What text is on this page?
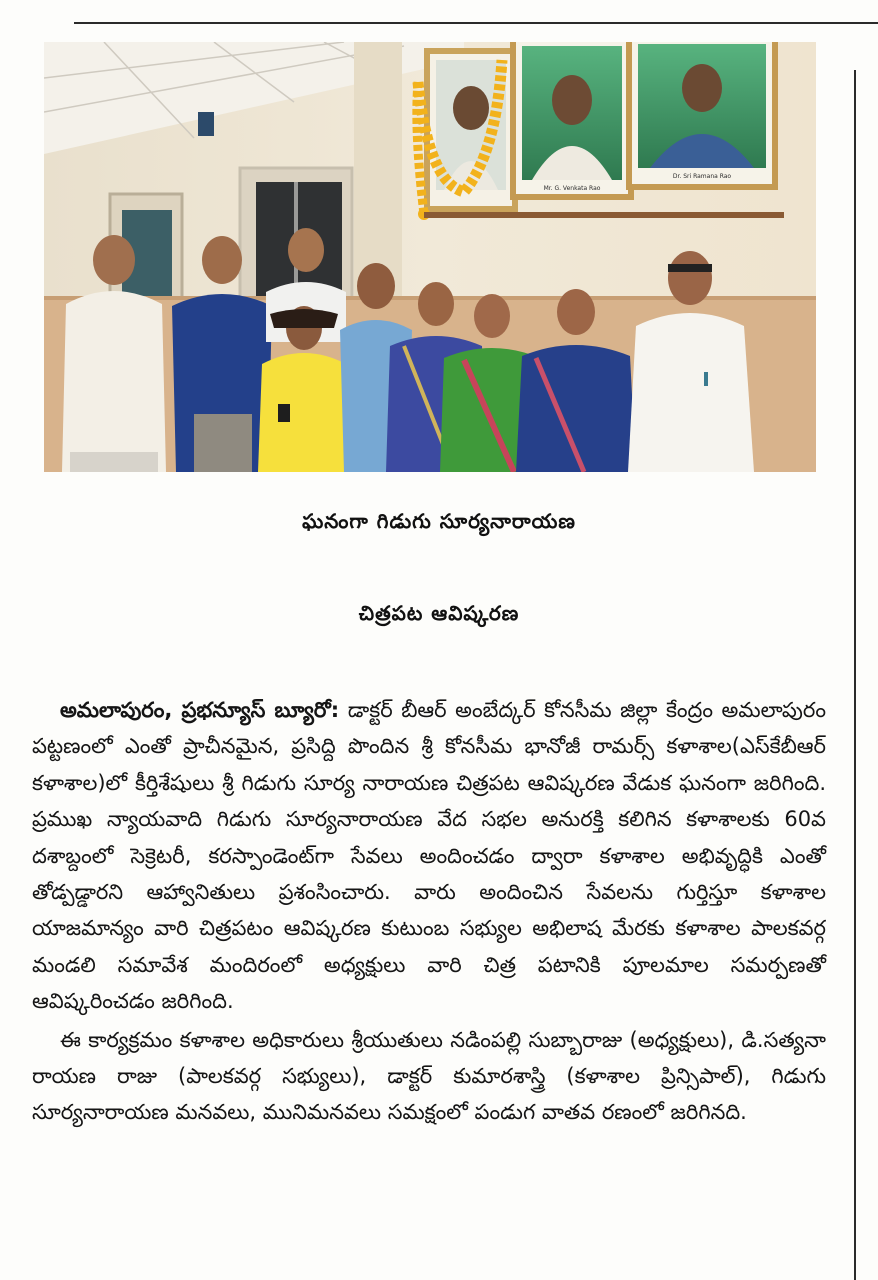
Mr. G. Venkata Rao
Dr. Sri Ramana Rao
ఘనంగా గిడుగు సూర్యనారాయణ
చిత్రపట ఆవిష్కరణ

అమలాపురం, ప్రభన్యూస్ బ్యూరో: డాక్టర్ బీఆర్ అంబేద్కర్ కోనసీమ జిల్లా కేంద్రం అమలాపురం పట్టణంలో ఎంతో ప్రాచీనమైన, ప్రసిద్ది పొందిన శ్రీ కోనసీమ భానోజీ రామర్స్ కళాశాల(ఎస్‌కేబీఆర్ కళాశాల)లో కీర్తిశేషులు శ్రీ గిడుగు సూర్య నారాయణ చిత్రపట ఆవిష్కరణ వేడుక ఘనంగా జరిగింది. ప్రముఖ న్యాయవాది గిడుగు సూర్యనారాయణ వేద సభల అనురక్తి కలిగిన కళాశాలకు 60వ దశాబ్దంలో సెక్రెటరీ, కరస్పాండెంట్‌గా సేవలు అందించడం ద్వారా కళాశాల అభివృద్ధికి ఎంతో తోడ్పడ్డారని ఆహ్వానితులు ప్రశంసించారు. వారు అందించిన సేవలను గుర్తిస్తూ కళాశాల యాజమాన్యం వారి చిత్రపటం ఆవిష్కరణ కుటుంబ సభ్యుల అభిలాష మేరకు కళాశాల పాలకవర్గ మండలి సమావేశ మందిరంలో అధ్యక్షులు వారి చిత్ర పటానికి పూలమాల సమర్పణతో ఆవిష్కరించడం జరిగింది.

ఈ కార్యక్రమం కళాశాల అధికారులు శ్రీయుతులు నడింపల్లి సుబ్బారాజు (అధ్యక్షులు), డి.సత్యనా రాయణ రాజు (పాలకవర్గ సభ్యులు), డాక్టర్ కుమారశాస్త్రి (కళాశాల ప్రిన్సిపాల్), గిడుగు సూర్యనారాయణ మనవలు, మునిమనవలు సమక్షంలో పండుగ వాతవ రణంలో జరిగినది.
